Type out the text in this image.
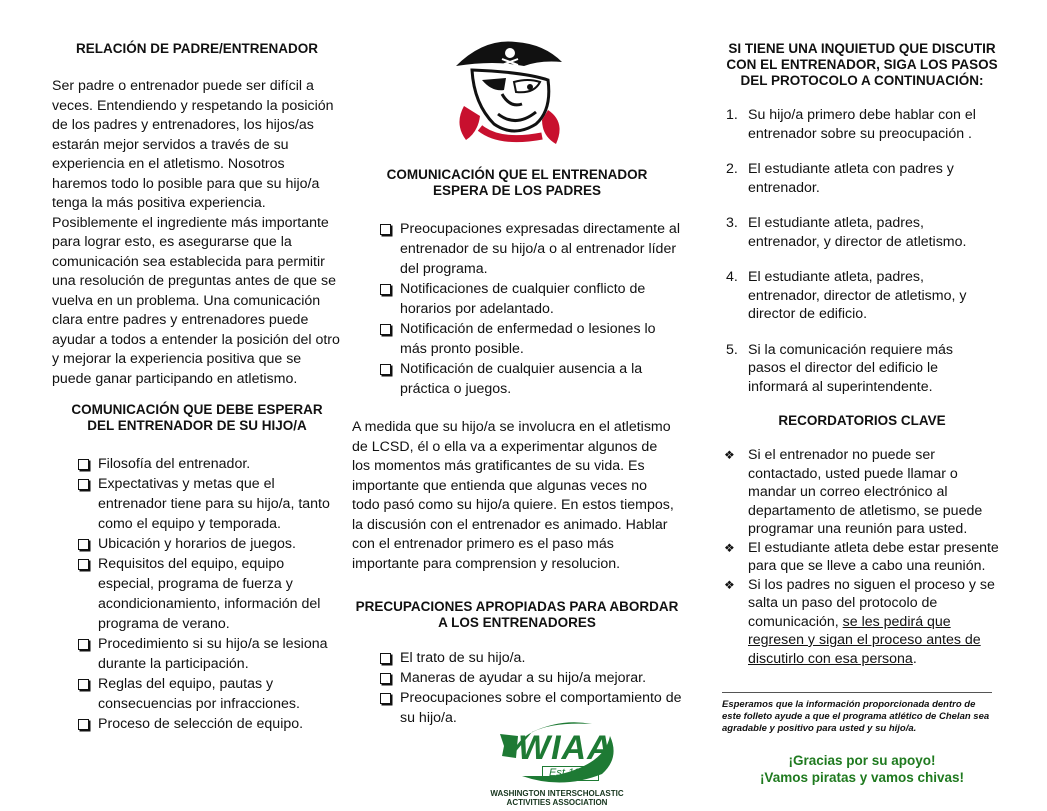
RELACIÓN DE PADRE/ENTRENADOR

Ser padre o entrenador puede ser difícil a veces. Entendiendo y respetando la posición de los padres y entrenadores, los hijos/as estarán mejor servidos a través de su experiencia en el atletismo. Nosotros haremos todo lo posible para que su hijo/a tenga la más positiva experiencia. Posiblemente el ingrediente más importante para lograr esto, es asegurarse que la comunicación sea establecida para permitir una resolución de preguntas antes de que se vuelva en un problema. Una comunicación clara entre padres y entrenadores puede ayudar a todos a entender la posición del otro y mejorar la experiencia positiva que se puede ganar participando en atletismo.

COMUNICACIÓN QUE DEBE ESPERAR

DEL ENTRENADOR DE SU HIJO/A

Filosofía del entrenador.
Expectativas y metas que el entrenador tiene para su hijo/a, tanto como el equipo y temporada.
Ubicación y horarios de juegos.
Requisitos del equipo, equipo especial, programa de fuerza y acondicionamiento, información del programa de verano.
Procedimiento si su hijo/a se lesiona durante la participación.
Reglas del equipo, pautas y consecuencias por infracciones.
Proceso de selección de equipo.

COMUNICACIÓN QUE EL ENTRENADOR

ESPERA DE LOS PADRES

Preocupaciones expresadas directamente al entrenador de su hijo/a o al entrenador líder del programa.
Notificaciones de cualquier conflicto de horarios por adelantado.
Notificación de enfermedad o lesiones lo más pronto posible.
Notificación de cualquier ausencia a la práctica o juegos.

A medida que su hijo/a se involucra en el atletismo de LCSD, él o ella va a experimentar algunos de los momentos más gratificantes de su vida. Es importante que entienda que algunas veces no todo pasó como su hijo/a quiere. En estos tiempos, la discusión con el entrenador es animado. Hablar con el entrenador primero es el paso más importante para comprension y resolucion.

PRECUPACIONES APROPIADAS PARA ABORDAR

A LOS ENTRENADORES

El trato de su hijo/a.
Maneras de ayudar a su hijo/a mejorar.
Preocupaciones sobre el comportamiento de su hijo/a.
WIAA
Est.1905
WASHINGTON INTERSCHOLASTIC
ACTIVITIES ASSOCIATION

SI TIENE UNA INQUIETUD QUE DISCUTIR

CON EL ENTRENADOR, SIGA LOS PASOS

DEL PROTOCOLO A CONTINUACIÓN:

1. Su hijo/a primero debe hablar con el entrenador sobre su preocupación .
2. El estudiante atleta con padres y entrenador.
3. El estudiante atleta, padres, entrenador, y director de atletismo.
4. El estudiante atleta, padres, entrenador, director de atletismo, y director de edificio.
5. Si la comunicación requiere más pasos el director del edificio le informará al superintendente.

RECORDATORIOS CLAVE

❖ Si el entrenador no puede ser contactado, usted puede llamar o mandar un correo electrónico al departamento de atletismo, se puede programar una reunión para usted.
❖ El estudiante atleta debe estar presente para que se lleve a cabo una reunión.
❖ Si los padres no siguen el proceso y se salta un paso del protocolo de comunicación, se les pedirá que regresen y sigan el proceso antes de discutirlo con esa persona.
Esperamos que la información proporcionada dentro de este folleto ayude a que el programa atlético de Chelan sea agradable y positivo para usted y su hijo/a.
¡Gracias por su apoyo!
¡Vamos piratas y vamos chivas!
